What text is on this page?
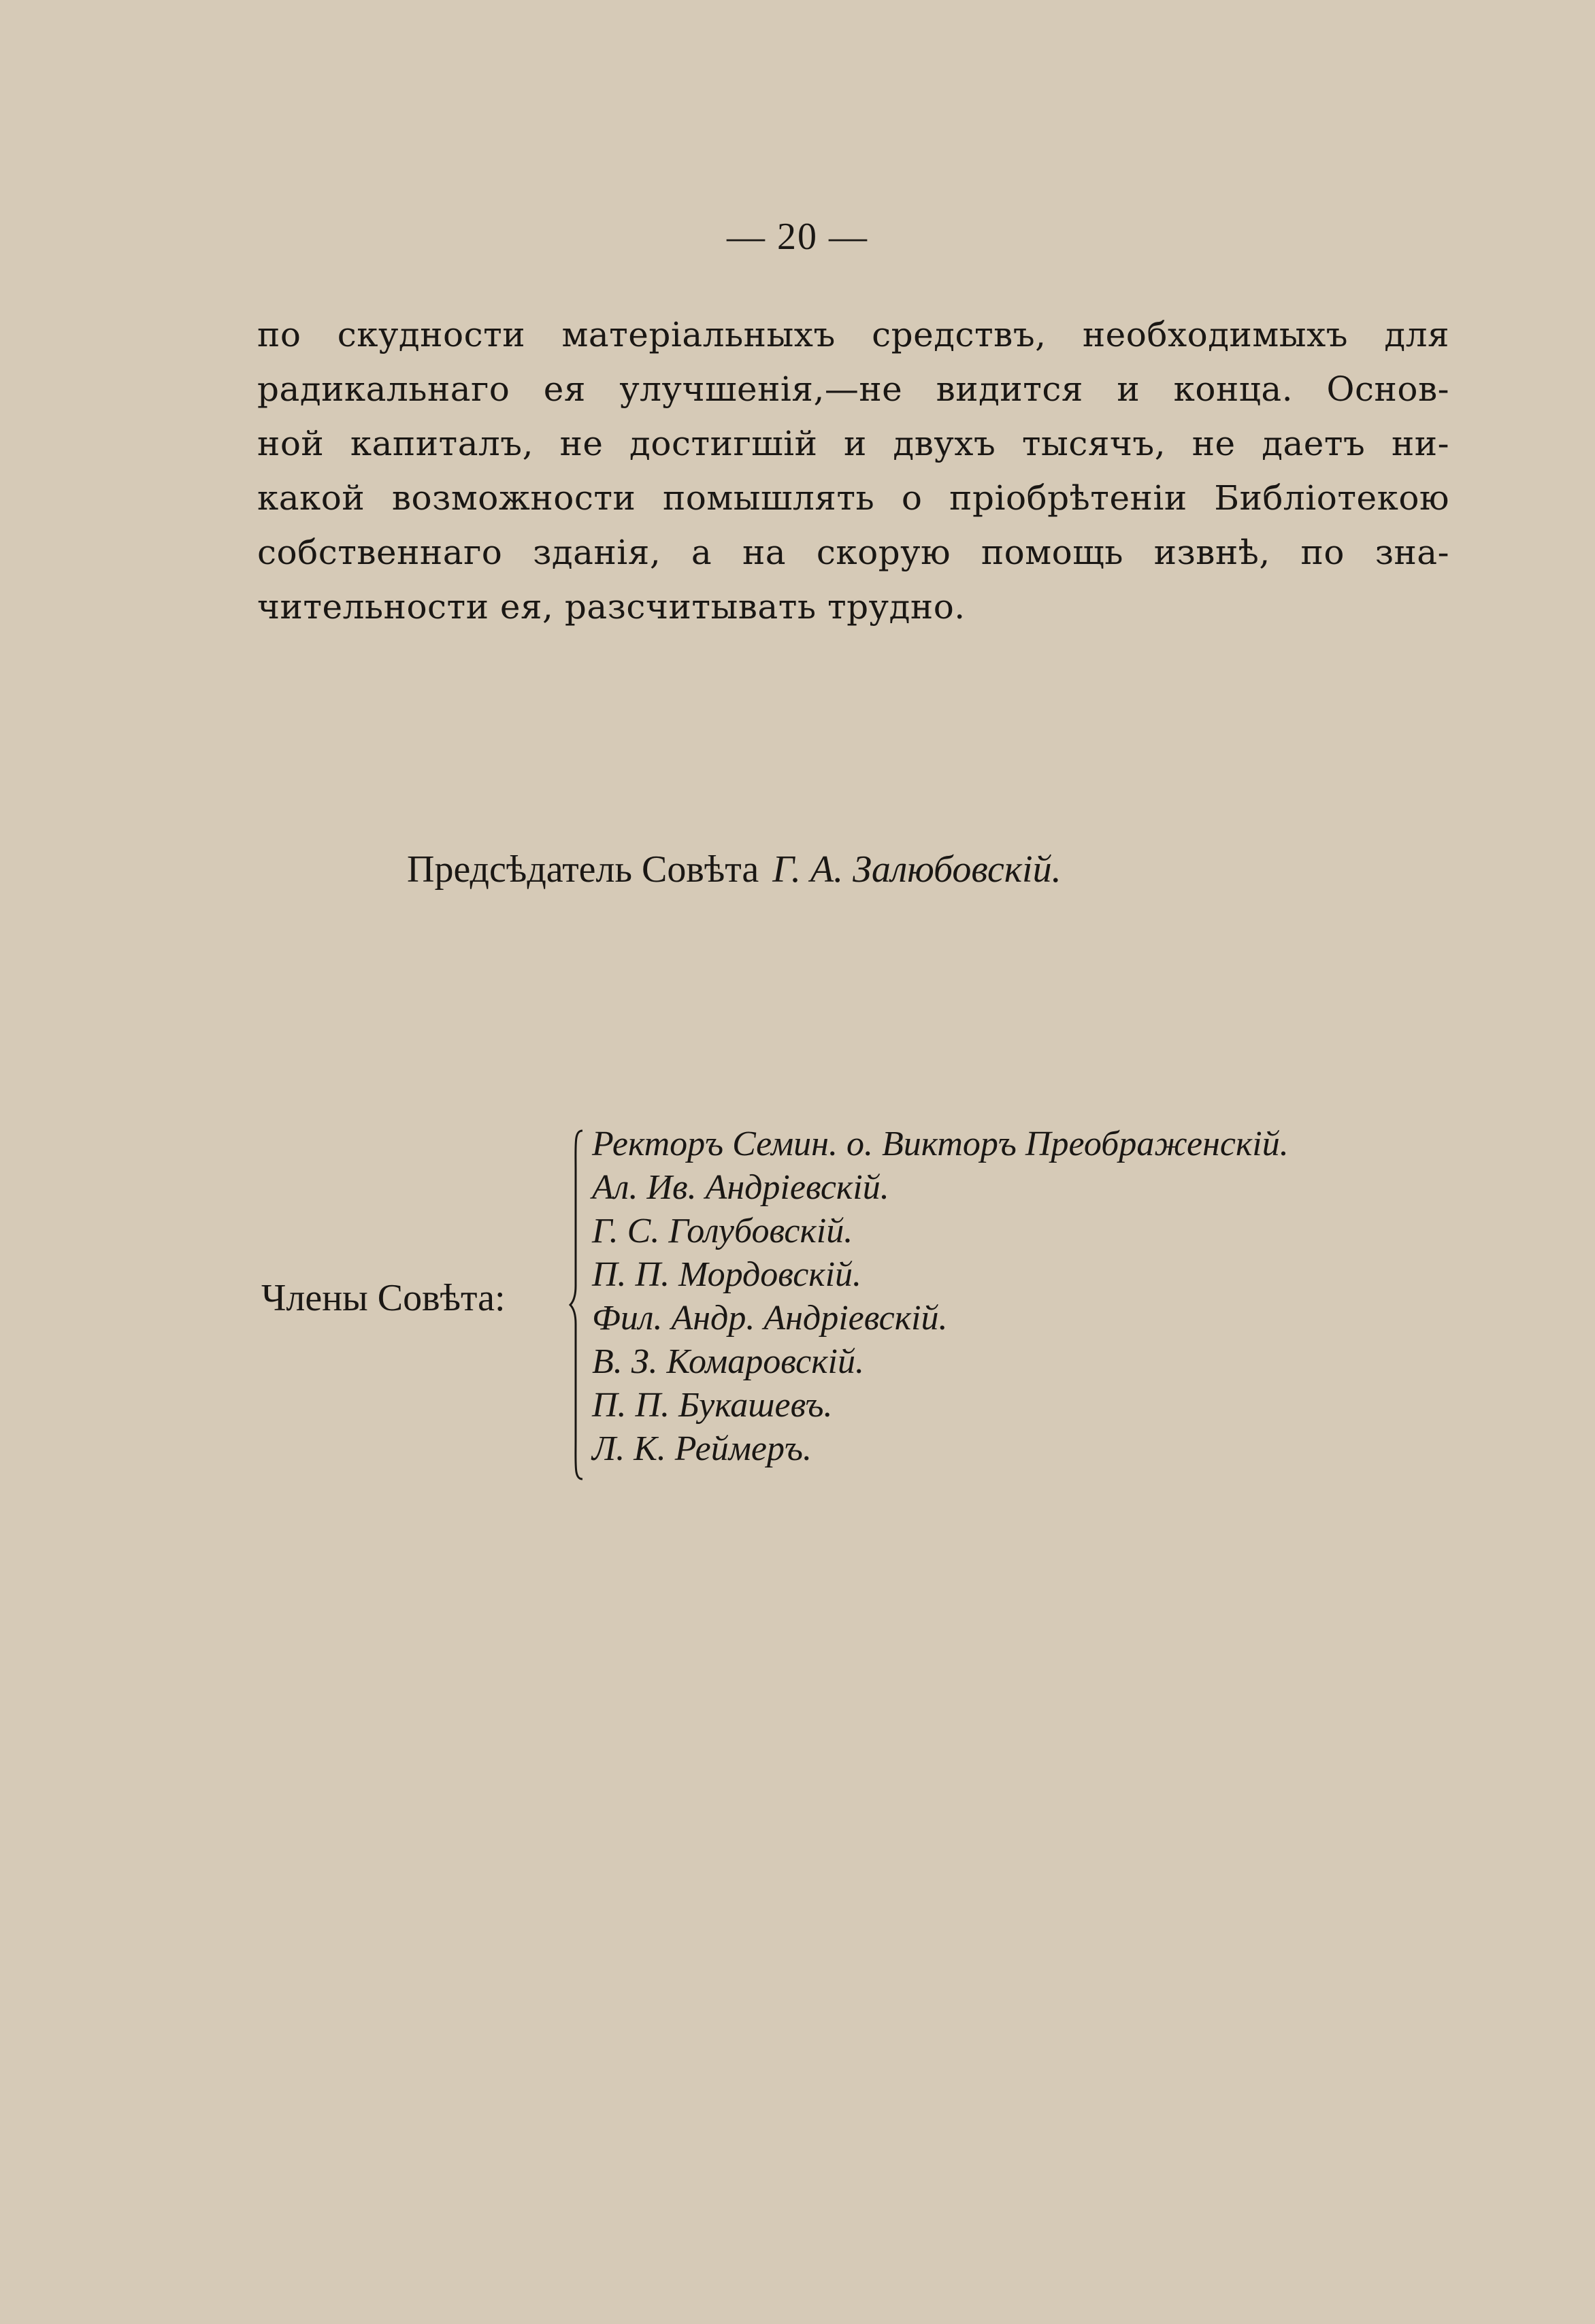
— 20 —
по скудности матеріальныхъ средствъ, необходимыхъ для
радикальнаго ея улучшенія,—не видится и конца. Основ-
ной капиталъ, не достигшій и двухъ тысячъ, не даетъ ни-
какой возможности помышлять о пріобрѣтеніи Библіотекою
собственнаго зданія, а на скорую помощь извнѣ, по зна-
чительности ея, разсчитывать трудно.
Предсѣдатель Совѣта Г. А. Залюбовскій.
Члены Совѣта:
Ректоръ Семин. о. Викторъ Преображенскій.
Ал. Ив. Андріевскій.
Г. С. Голубовскій.
П. П. Мордовскій.
Фил. Андр. Андріевскій.
В. З. Комаровскій.
П. П. Букашевъ.
Л. К. Реймеръ.
